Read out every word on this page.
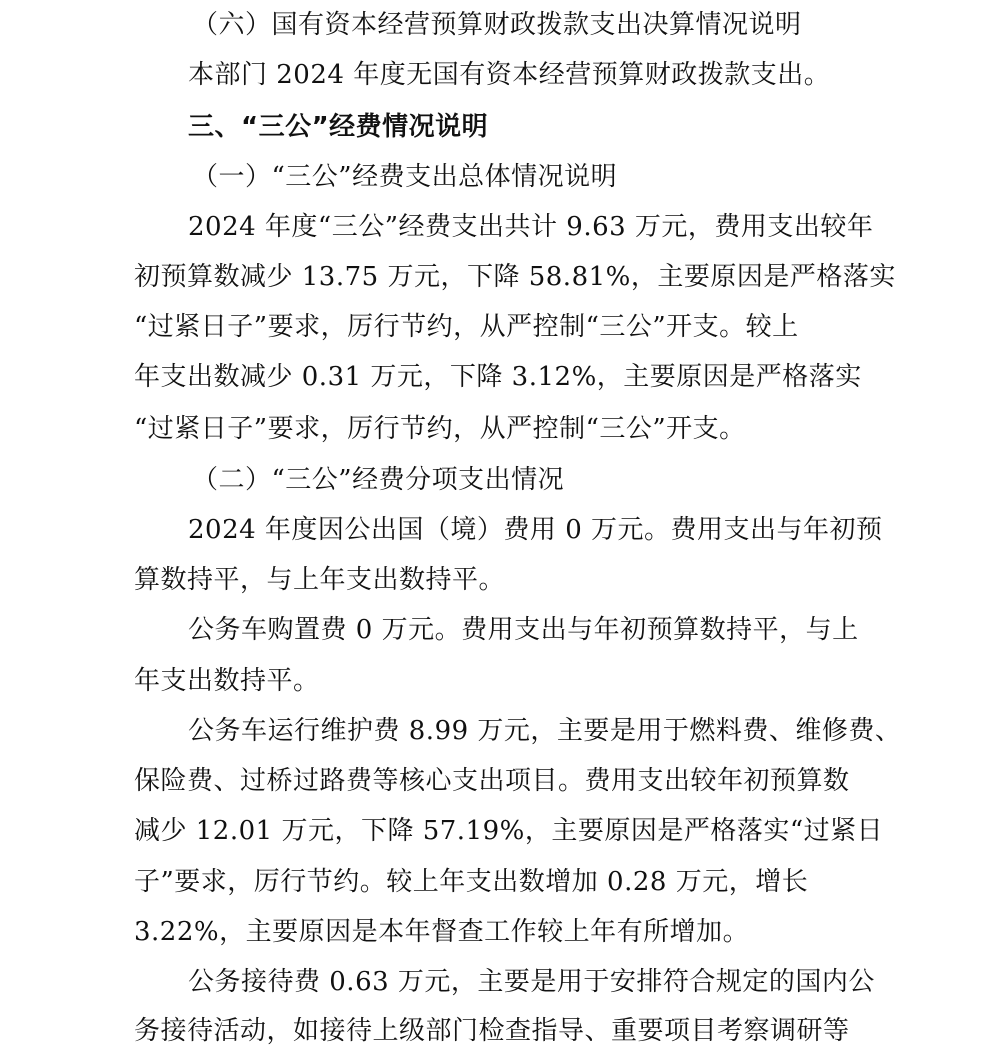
（六）国有资本经营预算财政拨款支出决算情况说明
本部门 2024 年度无国有资本经营预算财政拨款支出。
三、“三公”经费情况说明
（一）“三公”经费支出总体情况说明
2024 年度“三公”经费支出共计 9.63 万元，费用支出较年
初预算数减少 13.75 万元，下降 58.81%，主要原因是严格落实
“过紧日子”要求，厉行节约，从严控制“三公”开支。较上
年支出数减少 0.31 万元，下降 3.12%，主要原因是严格落实
“过紧日子”要求，厉行节约，从严控制“三公”开支。
（二）“三公”经费分项支出情况
2024 年度因公出国（境）费用 0 万元。费用支出与年初预
算数持平，与上年支出数持平。
公务车购置费 0 万元。费用支出与年初预算数持平，与上
年支出数持平。
公务车运行维护费 8.99 万元，主要是用于燃料费、维修费、
保险费、过桥过路费等核心支出项目。费用支出较年初预算数
减少 12.01 万元，下降 57.19%，主要原因是严格落实“过紧日
子”要求，厉行节约。较上年支出数增加 0.28 万元，增长
3.22%，主要原因是本年督查工作较上年有所增加。
公务接待费 0.63 万元，主要是用于安排符合规定的国内公
务接待活动，如接待上级部门检查指导、重要项目考察调研等
